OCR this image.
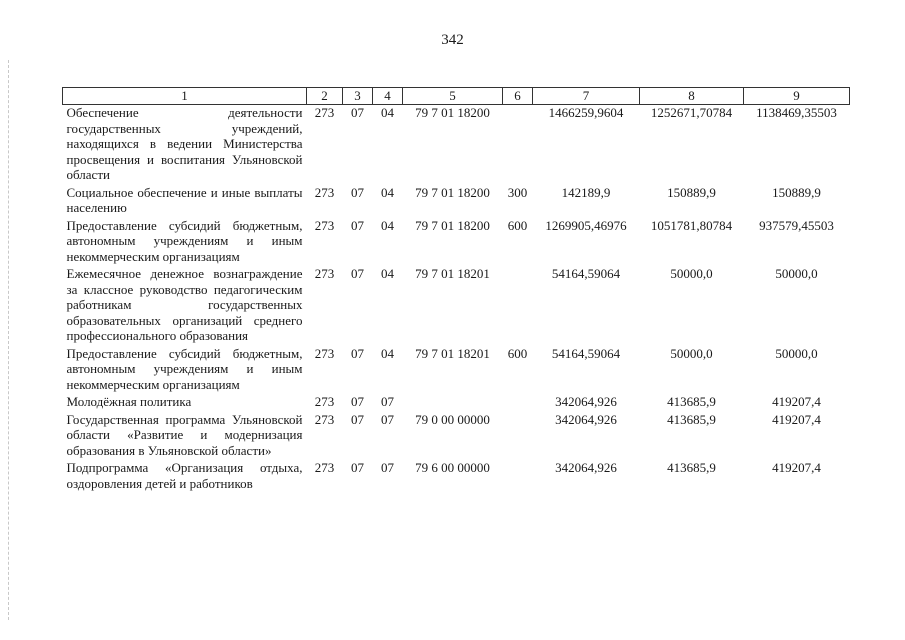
342
1	2	3	4	5	6	7	8	9
Обеспечение деятельности государственных учреждений, находящихся в ведении Министерства просвещения и воспитания Ульяновской области	273	07	04	79 7 01 18200		1466259,9604	1252671,70784	1138469,35503
Социальное обеспечение и иные выплаты населению	273	07	04	79 7 01 18200	300	142189,9	150889,9	150889,9
Предоставление субсидий бюджетным, автономным учреждениям и иным некоммерческим организациям	273	07	04	79 7 01 18200	600	1269905,46976	1051781,80784	937579,45503
Ежемесячное денежное вознаграждение за классное руководство педагогическим работникам государственных образовательных организаций среднего профессионального образования	273	07	04	79 7 01 18201		54164,59064	50000,0	50000,0
Предоставление субсидий бюджетным, автономным учреждениям и иным некоммерческим организациям	273	07	04	79 7 01 18201	600	54164,59064	50000,0	50000,0
Молодёжная политика	273	07	07			342064,926	413685,9	419207,4
Государственная программа Ульяновской области «Развитие и модернизация образования в Ульяновской области»	273	07	07	79 0 00 00000		342064,926	413685,9	419207,4
Подпрограмма «Организация отдыха, оздоровления детей и работников	273	07	07	79 6 00 00000		342064,926	413685,9	419207,4
